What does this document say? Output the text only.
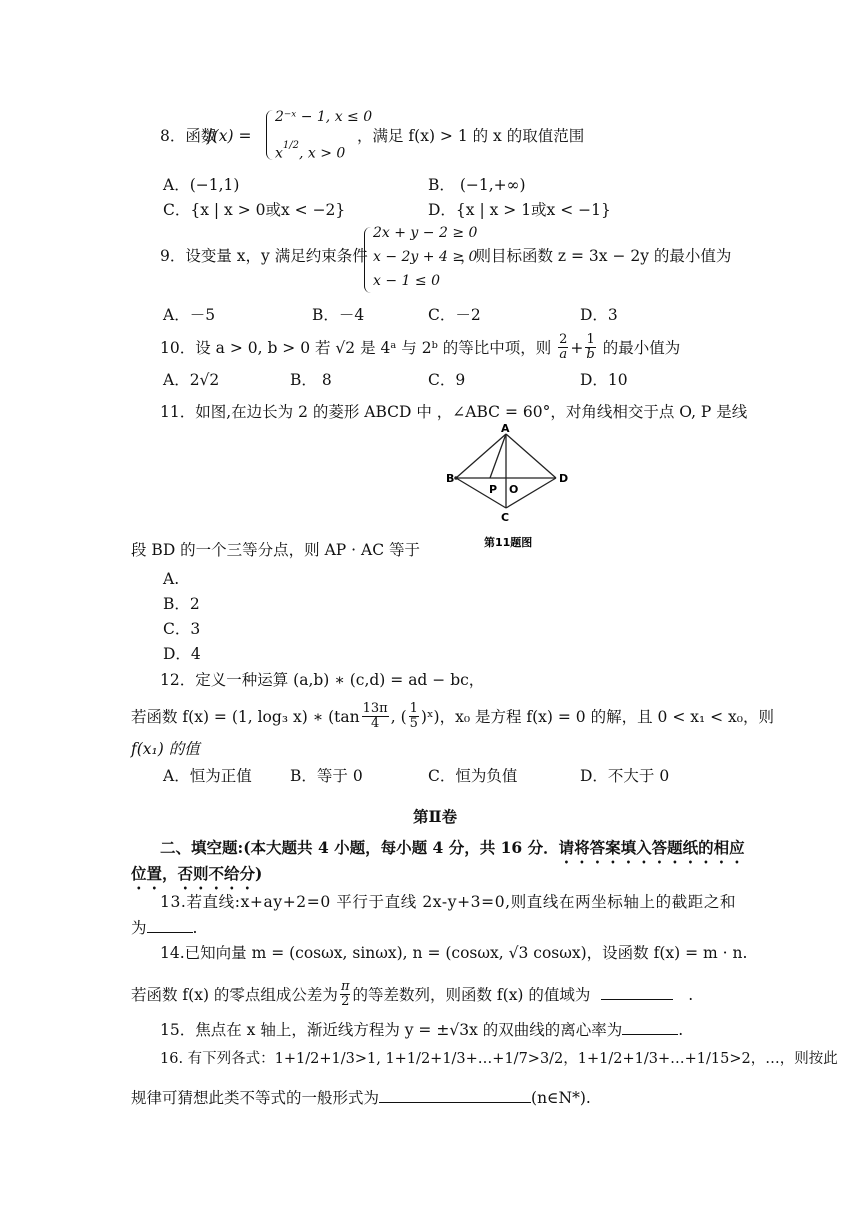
8．函数
f(x) =
2⁻ˣ − 1, x ≤ 0
$x^{1/2}$, x > 0
，满足 f(x) > 1 的 x 的取值范围
A．(−1,1)	B． (−1,+∞)
C．{x | x > 0或x < −2}	D．{x | x > 1或x < −1}
9．设变量 x，y 满足约束条件
2x + y − 2 ≥ 0
x − 2y + 4 ≥ 0
x − 1 ≤ 0
，则目标函数 z = 3x − 2y 的最小值为
A．－5	B．－4	C．－2	D．3
10．设 a > 0, b > 0 若 √2 是 4ᵃ 与 2ᵇ 的等比中项，则 $\frac{2}{a} + \frac{1}{b}$ 的最小值为
A．2√2	B． 8	C．9	D．10
11．如图,在边长为 2 的菱形 ABCD 中 ，∠ABC = 60°，对角线相交于点 O, P 是线
A
B	D
C
P O
第11题图
段 BD 的一个三等分点，则 AP · AC 等于
A.
B．2
C．3
D．4
12．定义一种运算 (a,b) ∗ (c,d) = ad − bc，
若函数 f(x) = (1, log₃ x) ∗ ($\tan \frac{13\pi}{4}$ , ( $\frac{1}{5}$ )ˣ)，x₀ 是方程 f(x) = 0 的解，且 0 < x₁ < x₀，则
f(x₁) 的值
A．恒为正值 B．等于 0	C．恒为负值	D．不大于 0
第Ⅱ卷
二、填空题:(本大题共 4 小题，每小题 4 分，共 16 分．请将答案填入答题纸的相应
位置，否则不给分)
13.若直线:x+ay+2=0 平行于直线 2x-y+3=0,则直线在两坐标轴上的截距之和
为	.
14.已知向量 m = (cosωx, sinωx), n = (cosωx, √3 cosωx)，设函数 f(x) = m · n.
若函数 f(x) 的零点组成公差为 $\frac{\pi}{2}$ 的等差数列，则函数 f(x) 的值域为	.
15．焦点在 x 轴上，渐近线方程为 y = ±√3x 的双曲线的离心率为	.
16. 有下列各式：1+1/2+1/3>1, 1+1/2+1/3+…+1/7>3/2，1+1/2+1/3+…+1/15>2，…，则按此
规律可猜想此类不等式的一般形式为	(n∈N*).
